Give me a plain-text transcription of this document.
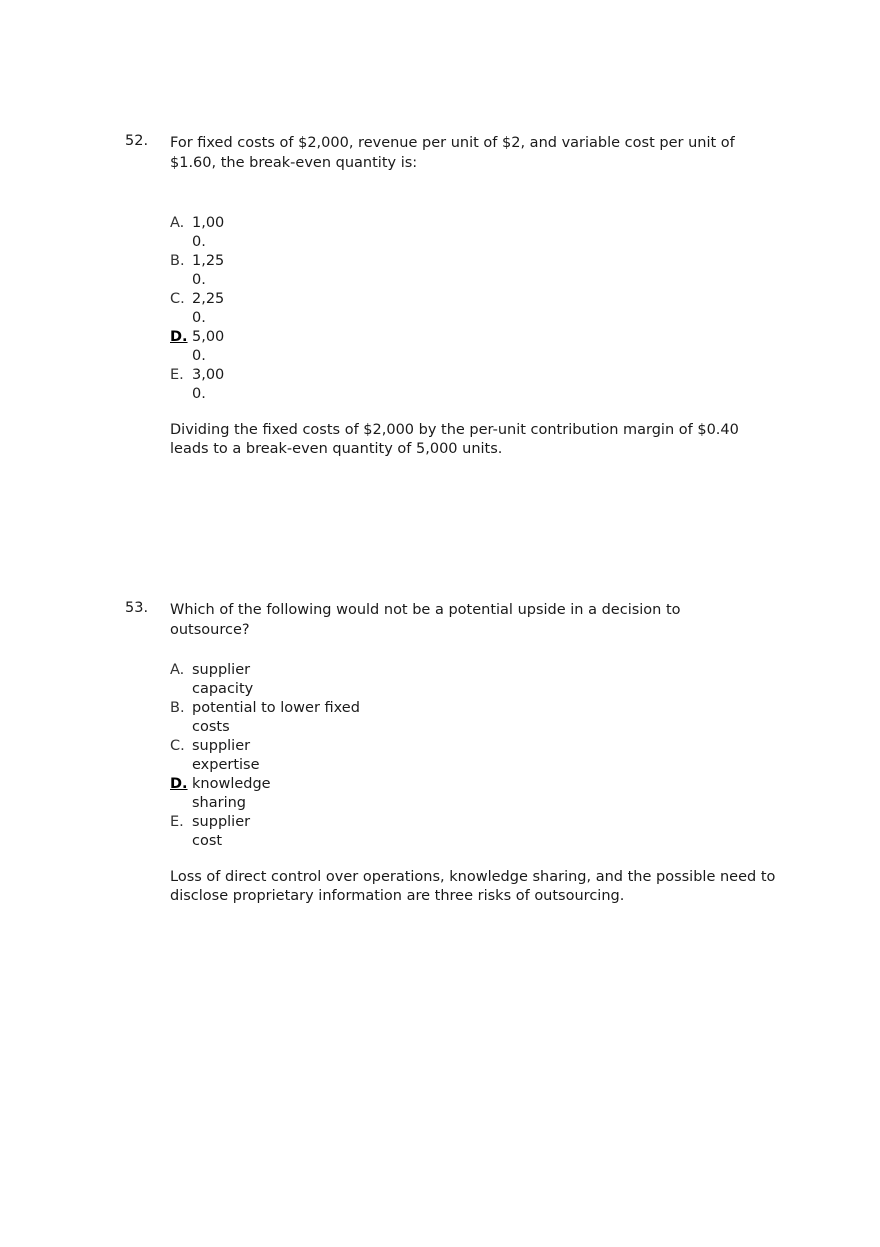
52. For fixed costs of $2,000, revenue per unit of $2, and variable cost per unit of $1.60, the break-even quantity is:
A. 1,000.
B. 1,250.
C. 2,250.
D. 5,000.
E. 3,000.
Dividing the fixed costs of $2,000 by the per-unit contribution margin of $0.40 leads to a break-even quantity of 5,000 units.
53. Which of the following would not be a potential upside in a decision to outsource?
A. supplier capacity
B. potential to lower fixed costs
C. supplier expertise
D. knowledge sharing
E. supplier cost
Loss of direct control over operations, knowledge sharing, and the possible need to disclose proprietary information are three risks of outsourcing.
